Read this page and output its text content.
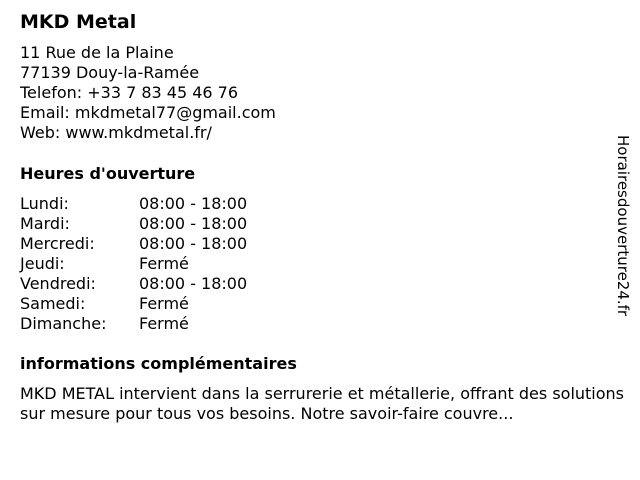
MKD Metal
11 Rue de la Plaine
77139 Douy-la-Ramée
Telefon: +33 7 83 45 46 76
Email: mkdmetal77@gmail.com
Web: www.mkdmetal.fr/
Heures d'ouverture
Lundi:	08:00 - 18:00
Mardi:	08:00 - 18:00
Mercredi:	08:00 - 18:00
Jeudi:	Fermé
Vendredi:	08:00 - 18:00
Samedi:	Fermé
Dimanche:	Fermé
informations complémentaires

MKD METAL intervient dans la serrurerie et métallerie, offrant des solutions sur mesure pour tous vos besoins. Notre savoir-faire couvre...

Horairesdouverture24.fr
